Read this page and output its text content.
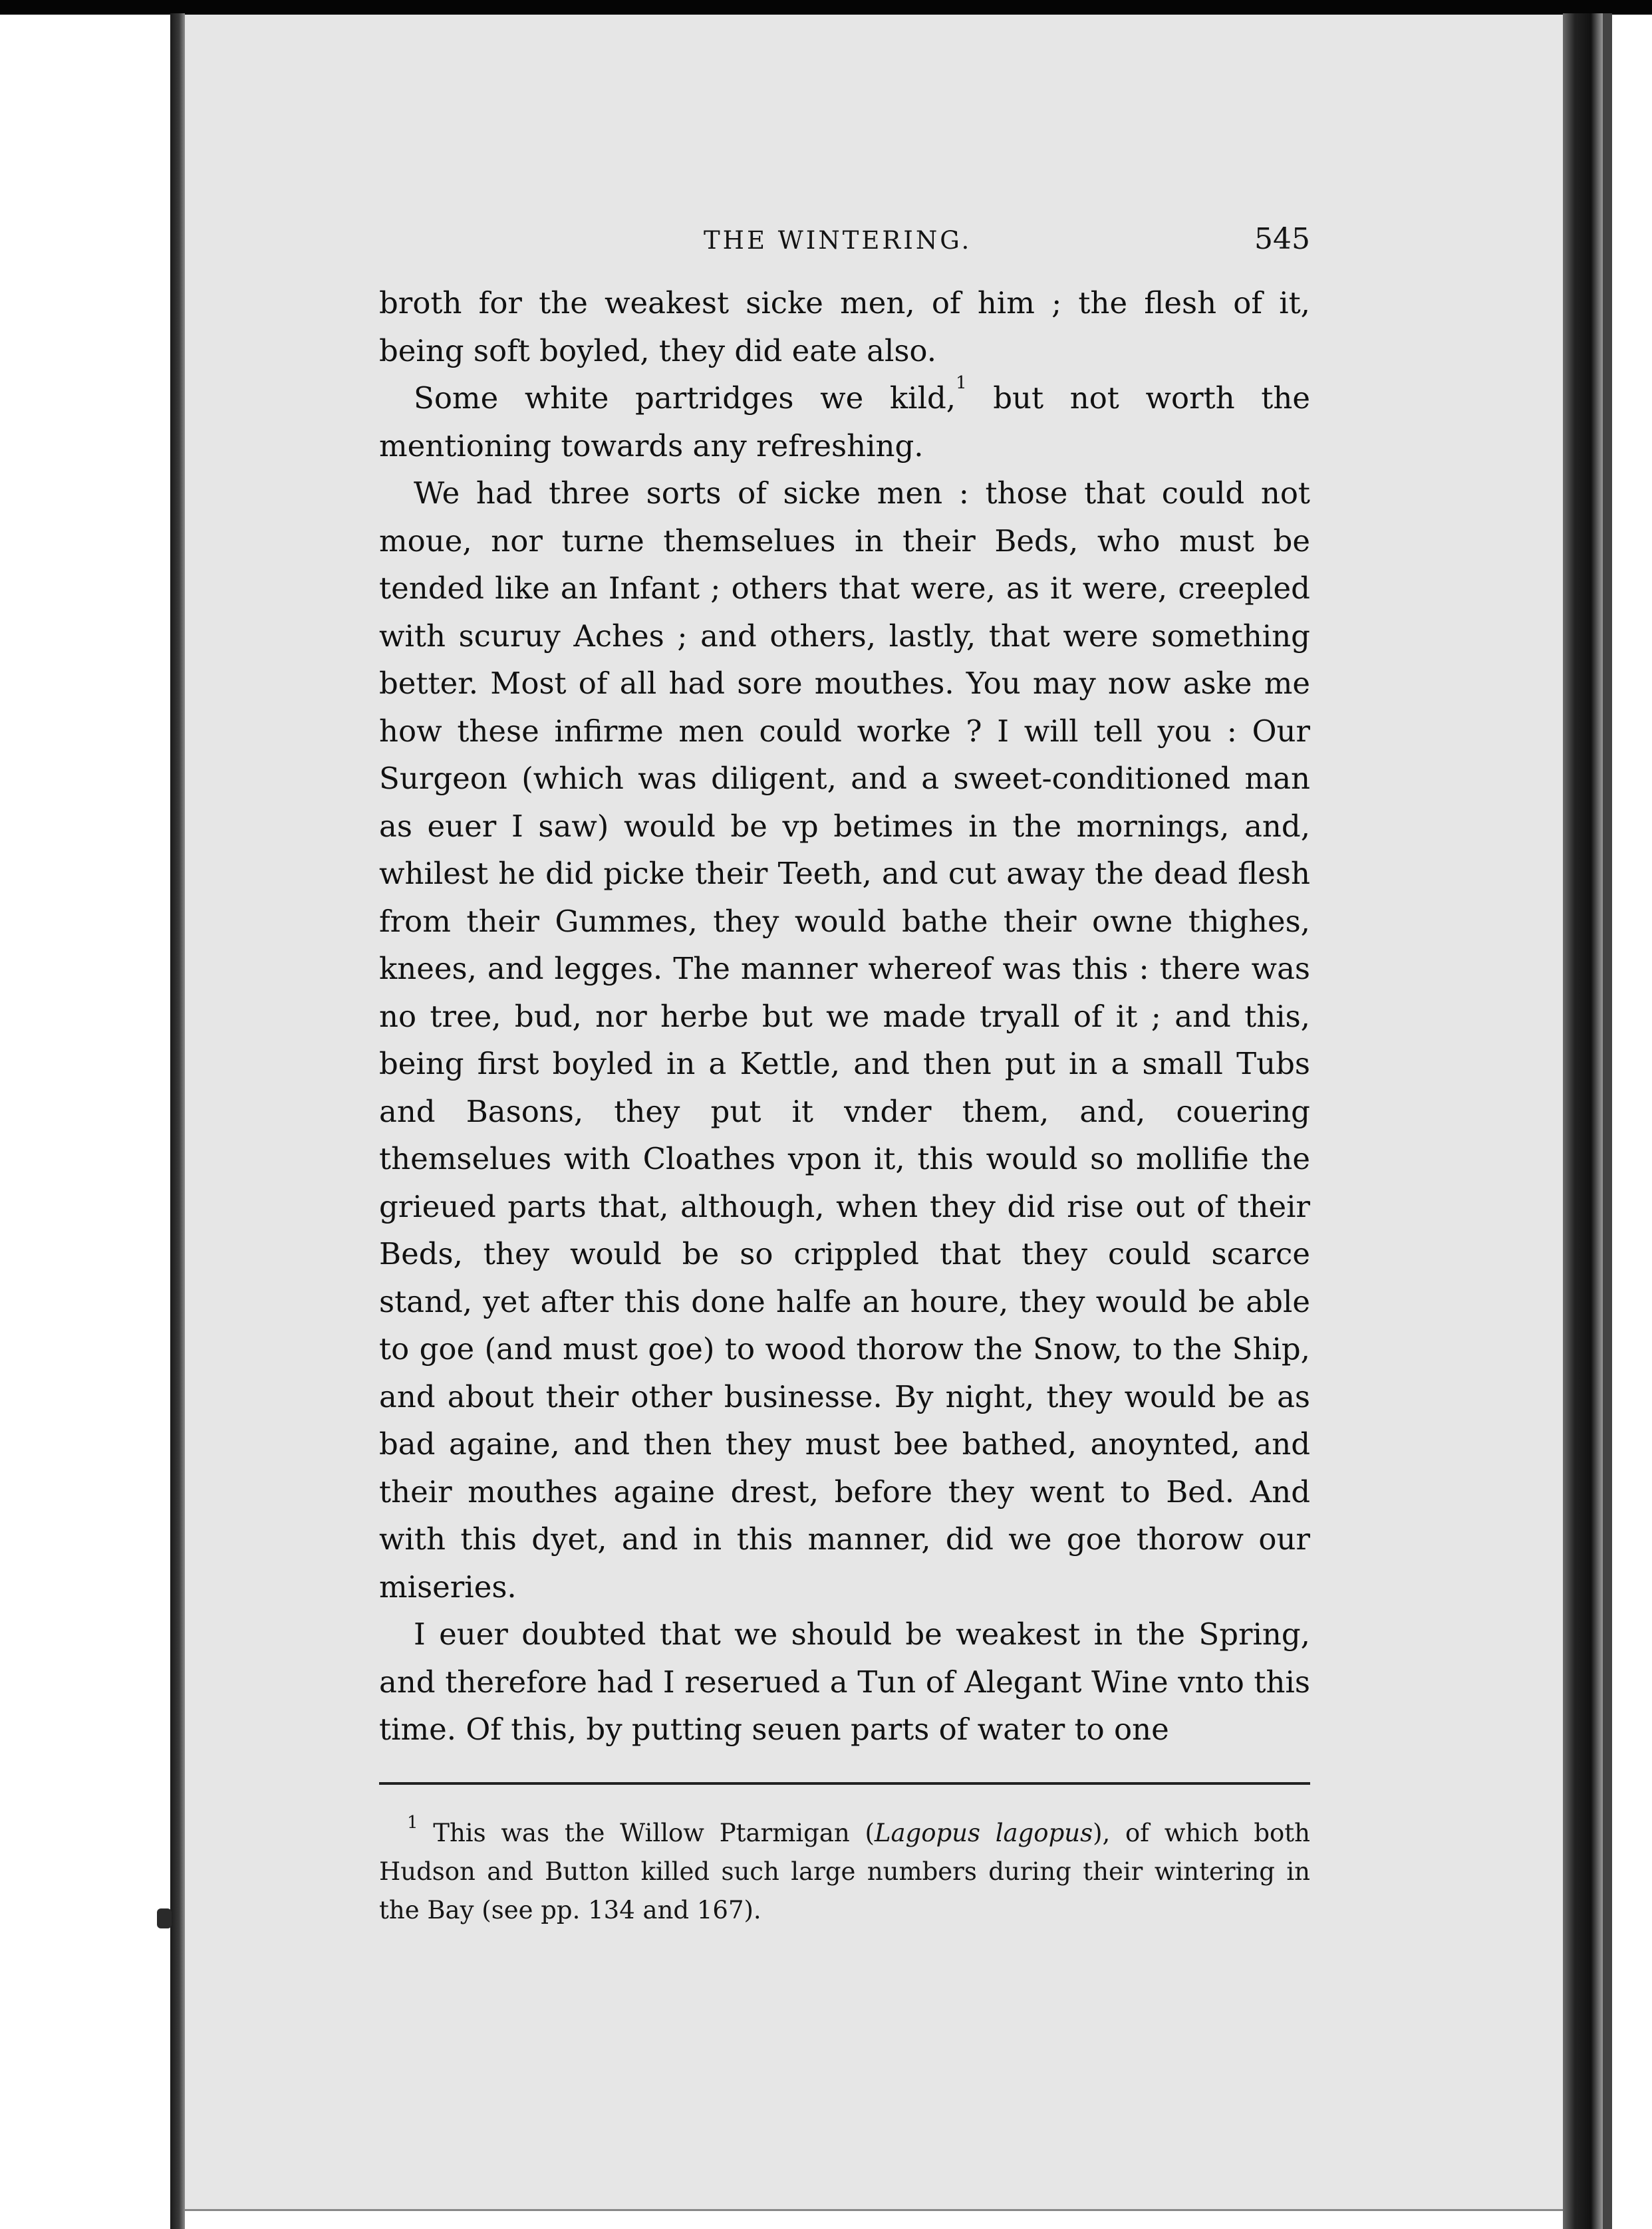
THE WINTERING.	545

broth for the weakest sicke men, of him ; the flesh of it, being soft boyled, they did eate also.

Some white partridges we kild,$^1$ but not worth the mentioning towards any refreshing.

We had three sorts of sicke men : those that could not moue, nor turne themselues in their Beds, who must be tended like an Infant ; others that were, as it were, creepled with scuruy Aches ; and others, lastly, that were something better. Most of all had sore mouthes. You may now aske me how these infirme men could worke ? I will tell you : Our Surgeon (which was diligent, and a sweet-conditioned man as euer I saw) would be vp betimes in the mornings, and, whilest he did picke their Teeth, and cut away the dead flesh from their Gummes, they would bathe their owne thighes, knees, and legges. The manner whereof was this : there was no tree, bud, nor herbe but we made tryall of it ; and this, being first boyled in a Kettle, and then put in a small Tubs and Basons, they put it vnder them, and, couering themselues with Cloathes vpon it, this would so mollifie the grieued parts that, although, when they did rise out of their Beds, they would be so crippled that they could scarce stand, yet after this done halfe an houre, they would be able to goe (and must goe) to wood thorow the Snow, to the Ship, and about their other businesse. By night, they would be as bad againe, and then they must bee bathed, anoynted, and their mouthes againe drest, before they went to Bed. And with this dyet, and in this manner, did we goe thorow our miseries.

I euer doubted that we should be weakest in the Spring, and therefore had I reserued a Tun of Alegant Wine vnto this time. Of this, by putting seuen parts of water to one

$^1$ This was the Willow Ptarmigan (Lagopus lagopus), of which both Hudson and Button killed such large numbers during their wintering in the Bay (see pp. 134 and 167).
